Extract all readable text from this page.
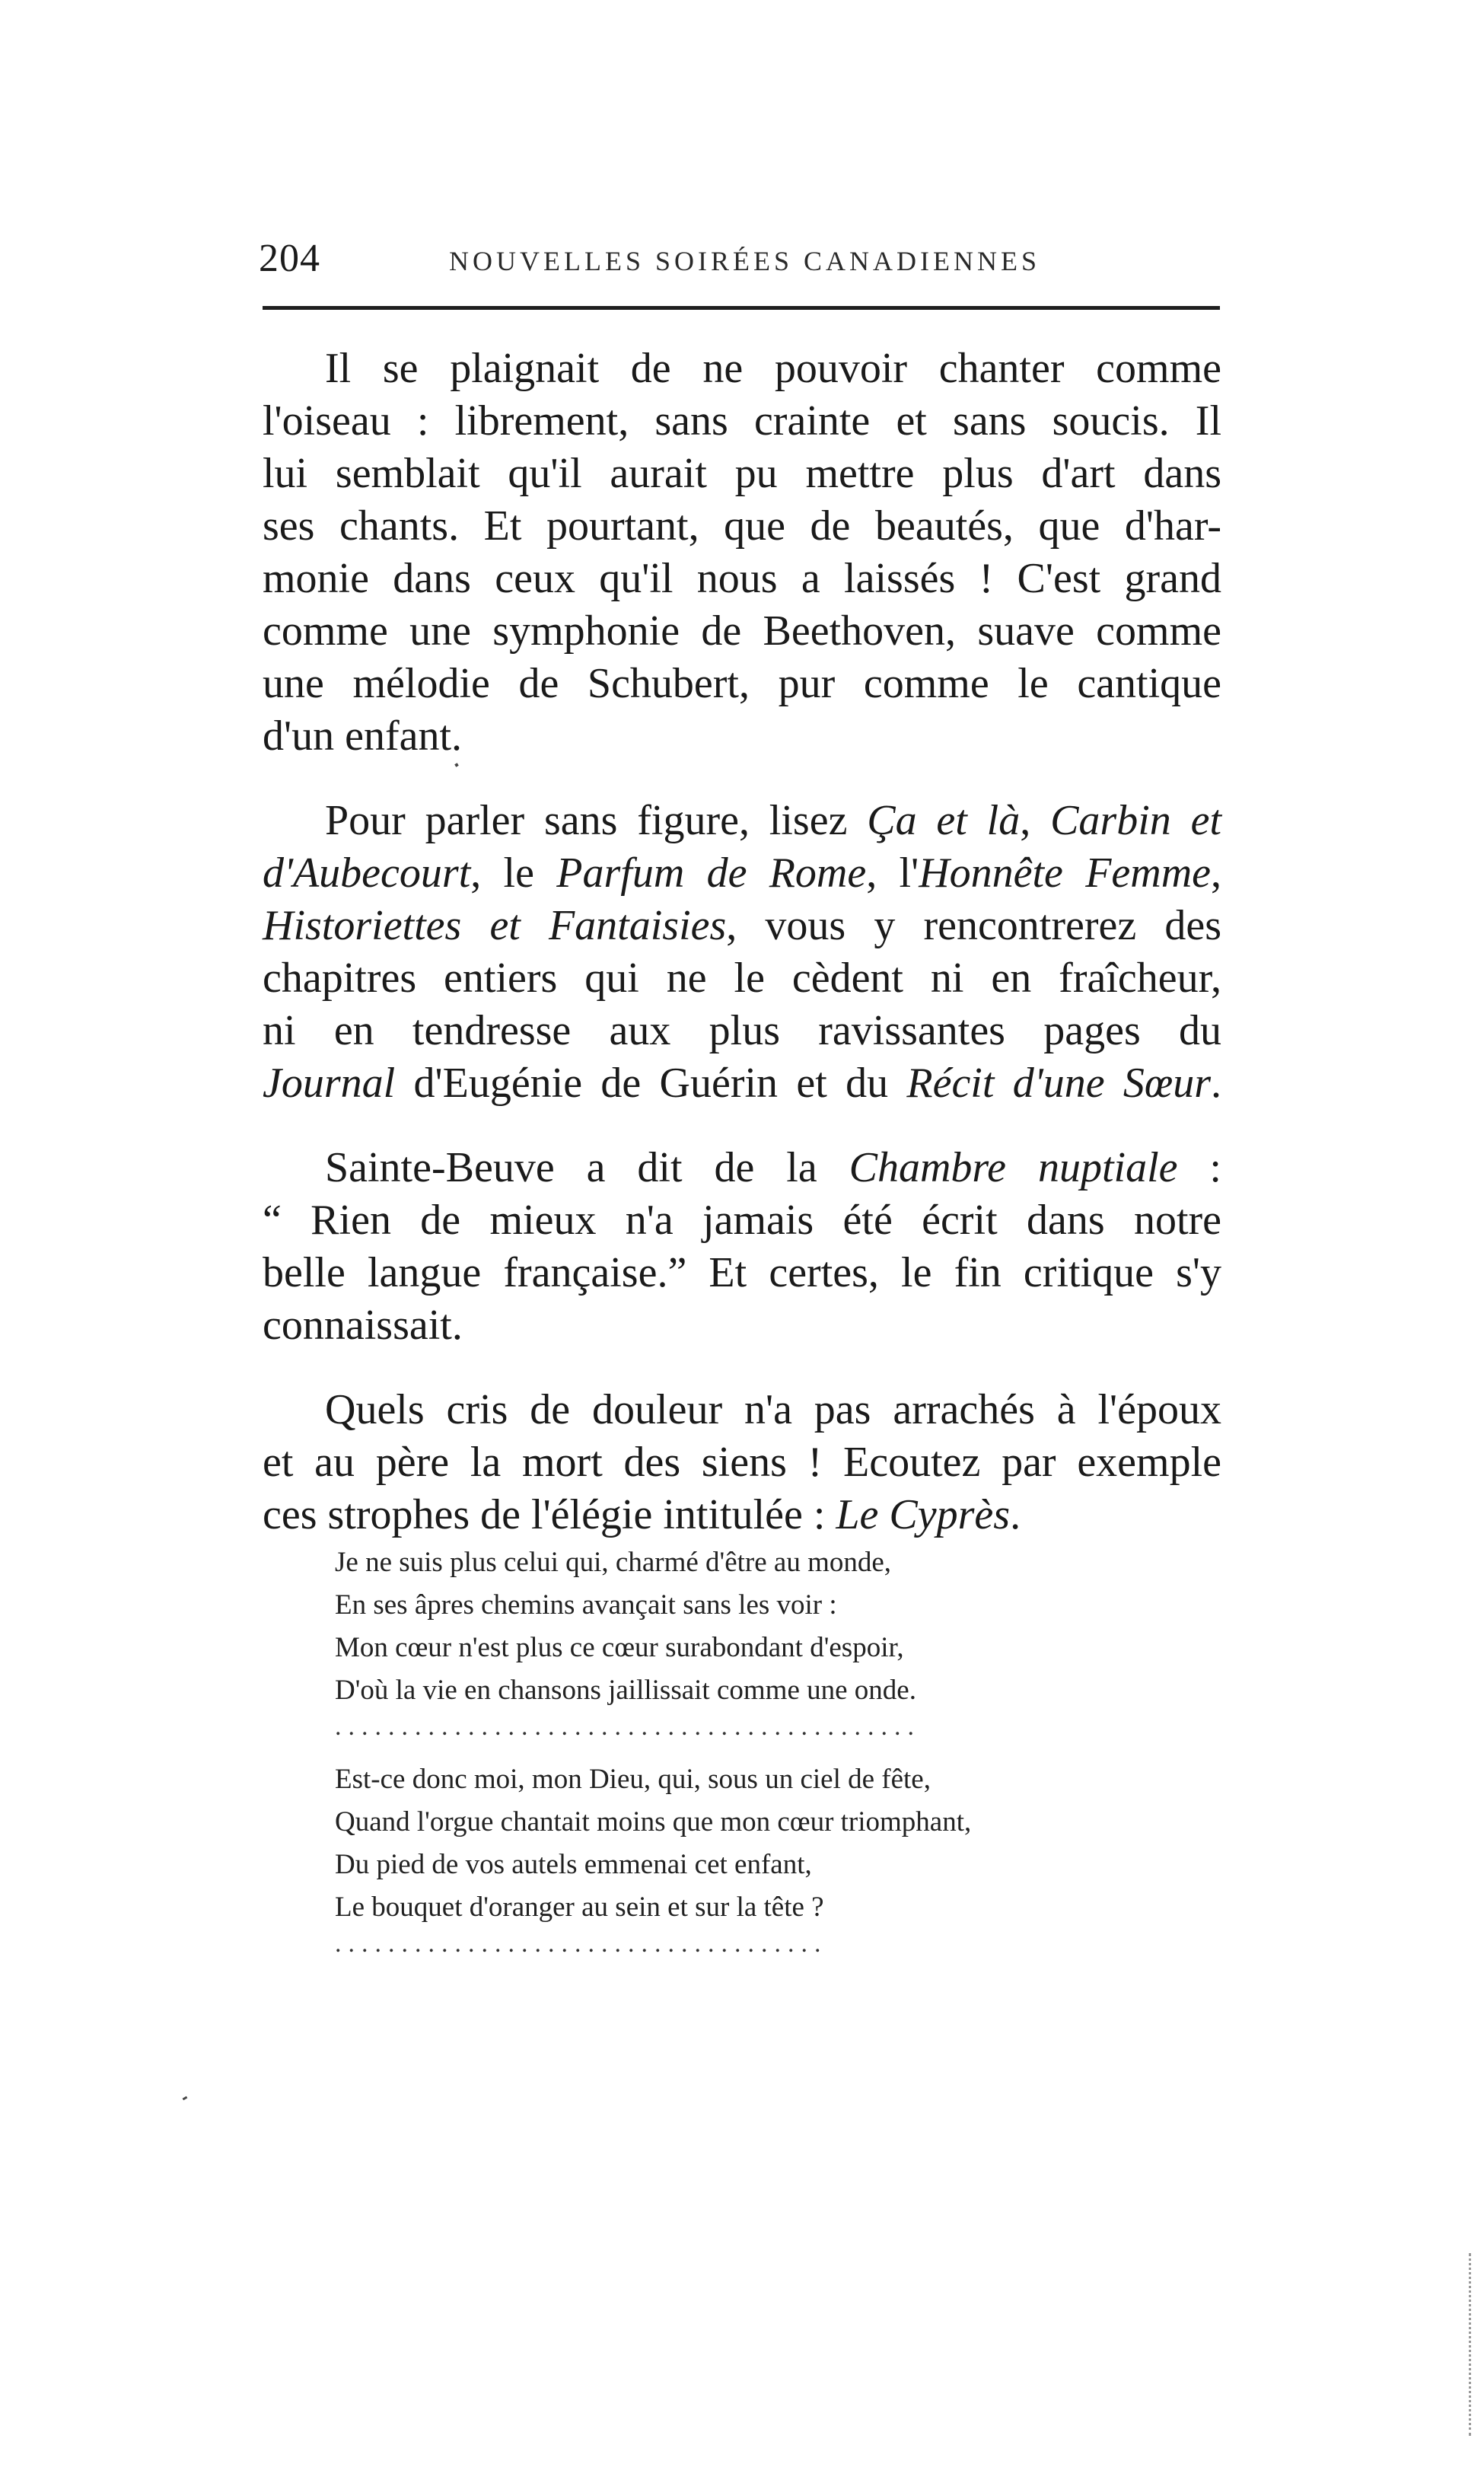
204	NOUVELLES SOIRÉES CANADIENNES

Il se plaignait de ne pouvoir chanter comme
l'oiseau : librement, sans crainte et sans soucis. Il
lui semblait qu'il aurait pu mettre plus d'art dans
ses chants. Et pourtant, que de beautés, que d'har-
monie dans ceux qu'il nous a laissés ! C'est grand
comme une symphonie de Beethoven, suave comme
une mélodie de Schubert, pur comme le cantique
d'un enfant.

Pour parler sans figure, lisez Ça et là, Carbin et
d'Aubecourt, le Parfum de Rome, l'Honnête Femme,
Historiettes et Fantaisies, vous y rencontrerez des
chapitres entiers qui ne le cèdent ni en fraîcheur,
ni en tendresse aux plus ravissantes pages du
Journal d'Eugénie de Guérin et du Récit d'une Sœur.

Sainte-Beuve a dit de la Chambre nuptiale :
“ Rien de mieux n'a jamais été écrit dans notre
belle langue française.” Et certes, le fin critique s'y
connaissait.

Quels cris de douleur n'a pas arrachés à l'époux
et au père la mort des siens ! Ecoutez par exemple
ces strophes de l'élégie intitulée : Le Cyprès.

Je ne suis plus celui qui, charmé d'être au monde,
En ses âpres chemins avançait sans les voir :
Mon cœur n'est plus ce cœur surabondant d'espoir,
D'où la vie en chansons jaillissait comme une onde.
............................................
Est-ce donc moi, mon Dieu, qui, sous un ciel de fête,
Quand l'orgue chantait moins que mon cœur triomphant,
Du pied de vos autels emmenai cet enfant,
Le bouquet d'oranger au sein et sur la tête ?
.....................................
